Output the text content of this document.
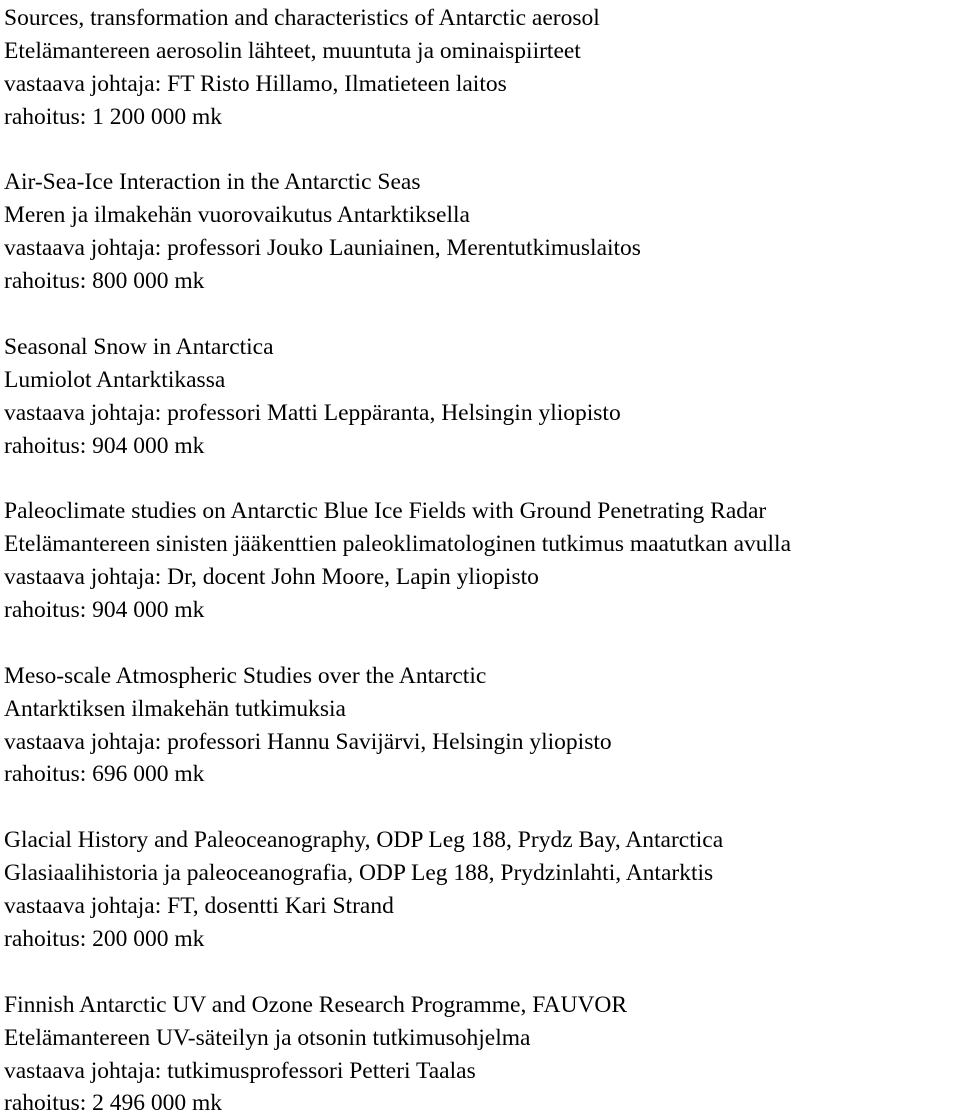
Sources, transformation and characteristics of Antarctic aerosol
Etelämantereen aerosolin lähteet, muuntuta ja ominaispiirteet
vastaava johtaja: FT Risto Hillamo, Ilmatieteen laitos
rahoitus: 1 200 000 mk
Air-Sea-Ice Interaction in the Antarctic Seas
Meren ja ilmakehän vuorovaikutus Antarktiksella
vastaava johtaja: professori Jouko Launiainen, Merentutkimuslaitos
rahoitus: 800 000 mk
Seasonal Snow in Antarctica
Lumiolot Antarktikassa
vastaava johtaja: professori Matti Leppäranta, Helsingin yliopisto
rahoitus: 904 000 mk
Paleoclimate studies on Antarctic Blue Ice Fields with Ground Penetrating Radar
Etelämantereen sinisten jääkenttien paleoklimatologinen tutkimus maatutkan avulla
vastaava johtaja: Dr, docent John Moore, Lapin yliopisto
rahoitus: 904 000 mk
Meso-scale Atmospheric Studies over the Antarctic
Antarktiksen ilmakehän tutkimuksia
vastaava johtaja: professori Hannu Savijärvi, Helsingin yliopisto
rahoitus: 696 000 mk
Glacial History and Paleoceanography, ODP Leg 188, Prydz Bay, Antarctica
Glasiaalihistoria ja paleoceanografia, ODP Leg 188, Prydzinlahti, Antarktis
vastaava johtaja: FT, dosentti Kari Strand
rahoitus: 200 000 mk
Finnish Antarctic UV and Ozone Research Programme, FAUVOR
Etelämantereen UV-säteilyn ja otsonin tutkimusohjelma
vastaava johtaja: tutkimusprofessori Petteri Taalas
rahoitus: 2 496 000 mk
